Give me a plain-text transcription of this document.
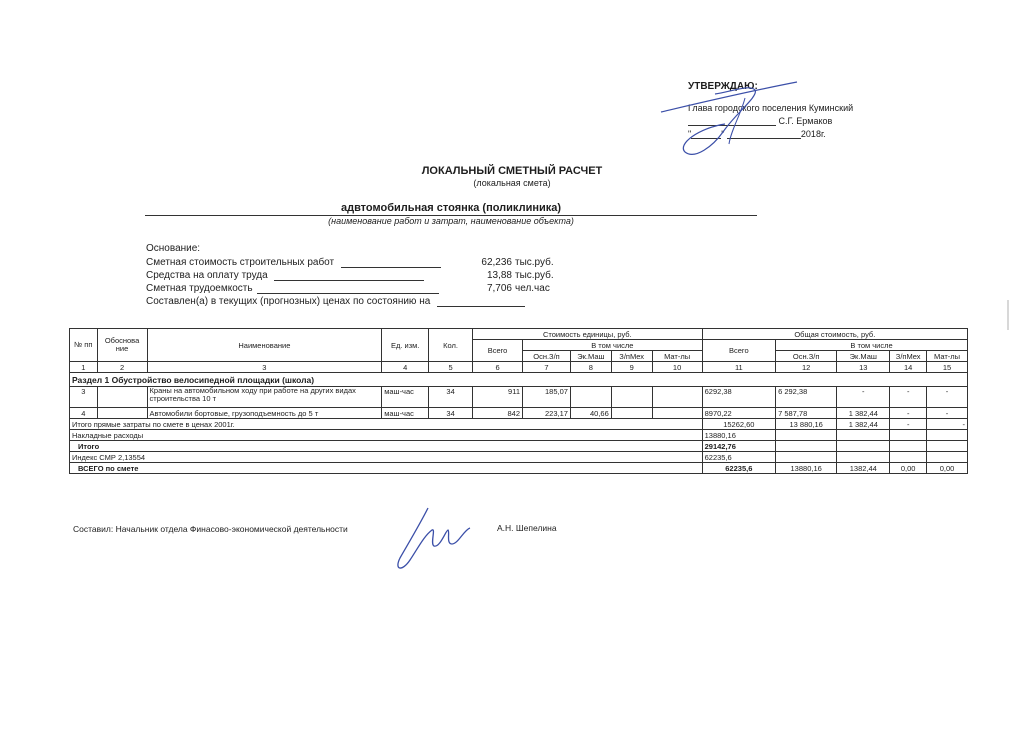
УТВЕРЖДАЮ:
Глава городского поселения Куминский
С.Г. Ермаков
"	"	2018г.
ЛОКАЛЬНЫЙ СМЕТНЫЙ РАСЧЕТ
(локальная смета)
адвтомобильная стоянка (поликлиника)
(наименование работ и затрат, наименование объекта)
Основание:
Сметная стоимость строительных работ	62,236 тыс.руб.
Средства на оплату труда	13,88 тыс.руб.
Сметная трудоемкость	7,706 чел.час
Составлен(а) в текущих (прогнозных) ценах по состоянию на
№ пп	Обоснова ние	Наименование	Ед. изм.	Кол.	Стоимость единицы, руб.					Общая стоимость, руб.				
					Всего	В том числе				Всего	В том числе			
						Осн.З/п	Эк.Маш	З/пМех	Мат-лы		Осн.З/п	Эк.Маш	З/пМех	Мат-лы
1	2	3	4	5	6	7	8	9	10	11	12	13	14	15
Раздел 1 Обустройство велосипедной площадки (школа)														
3		Краны на автомобильном ходу при работе на других видах строительства 10 т	маш-час	34	911	185,07				6292,38	6 292,38	-	-	-
4		Автомобили бортовые, грузоподъемность до 5 т	маш-час	34	842	223,17	40,66			8970,22	7 587,78	1 382,44	-	-
Итого прямые затраты по смете в ценах 2001г.										15262,60	13 880,16	1 382,44	-	-
Накладные расходы										13880,16				
Итого										29142,76				
Индекс СМР 2,13554										62235,6				
ВСЕГО по смете										62235,6	13880,16	1382,44	0,00	0,00
Составил: Начальник отдела Финасово-экономической деятельности	А.Н. Шепелина
